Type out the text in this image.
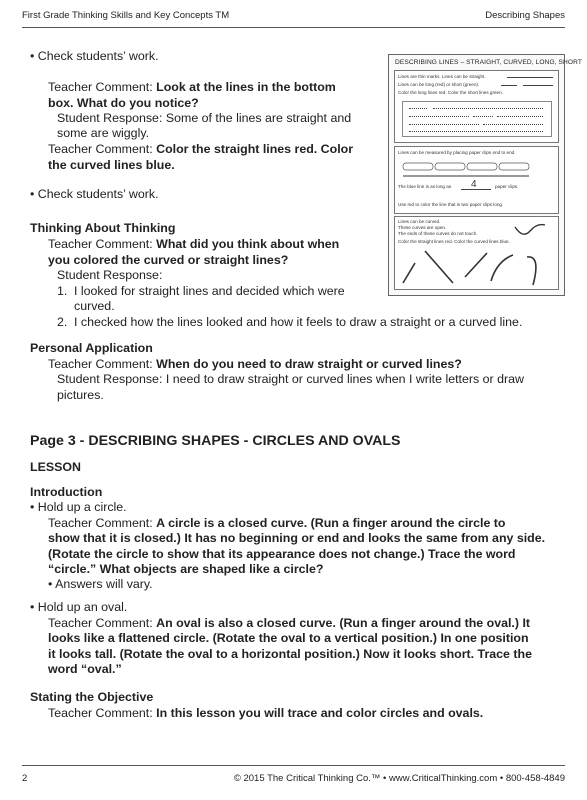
First Grade Thinking Skills and Key Concepts TM	Describing Shapes
DESCRIBING LINES – STRAIGHT, CURVED, LONG, SHORT
Lines are thin marks. Lines can be straight.
Lines can be long (red) or short (green).
Color the long lines red. Color the short lines green.
Lines can be measured by placing paper clips end to end.
The blue line is as long as 4	paper clips.
Use red to color the line that is two paper clips long.
Lines can be curved.
These curves are open.
The ends of these curves do not touch.
Color the straight lines red. Color the curved lines blue.
• Check students’ work.
Teacher Comment: Look at the lines in the bottom
box. What do you notice?
Student Response: Some of the lines are straight and
some are wiggly.
Teacher Comment: Color the straight lines red. Color
the curved lines blue.
• Check students’ work.
Thinking About Thinking
Teacher Comment: What did you think about when
you colored the curved or straight lines?
Student Response:
1. I looked for straight lines and decided which were
curved.
2. I checked how the lines looked and how it feels to draw a straight or a curved line.
Personal Application
Teacher Comment: When do you need to draw straight or curved lines?
Student Response: I need to draw straight or curved lines when I write letters or draw
pictures.
Page 3 - DESCRIBING SHAPES - CIRCLES AND OVALS
LESSON
Introduction
• Hold up a circle.
Teacher Comment: A circle is a closed curve. (Run a finger around the circle to
show that it is closed.) It has no beginning or end and looks the same from any side.
(Rotate the circle to show that its appearance does not change.) Trace the word
“circle.” What objects are shaped like a circle?
• Answers will vary.
• Hold up an oval.
Teacher Comment: An oval is also a closed curve. (Run a finger around the oval.) It
looks like a flattened circle. (Rotate the oval to a vertical position.) In one position
it looks tall. (Rotate the oval to a horizontal position.) Now it looks short. Trace the
word “oval.”
Stating the Objective
Teacher Comment: In this lesson you will trace and color circles and ovals.
2	© 2015 The Critical Thinking Co.™ • www.CriticalThinking.com • 800-458-4849
